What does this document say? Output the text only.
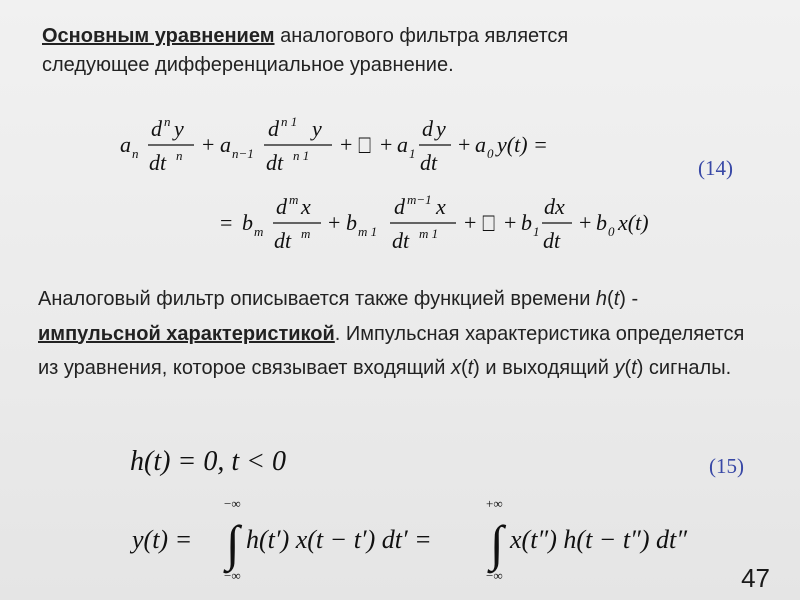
Основным уравнением аналогового фильтра является
следующее дифференциальное уравнение.
a n
d n y
dt n + a n−1
d n 1 y
dt n 1 + ⎕ + a 1
d y
dt
+ a 0 y(t) =
(14)
= b m
d m x
dt m + b m 1
d m−1 x
dt m 1 + ⎕ + b 1
dx
dt
+ b 0 x(t)
Аналоговый фильтр описывается также функцией времени h(t) -
импульсной характеристикой. Импульсная характеристика определяется из уравнения, которое связывает входящий x(t) и выходящий y(t) сигналы.
h(t) = 0, t < 0	(15)
y(t) =
−∞
∫
−∞
h(t′) x(t − t′) dt′ =
+∞
∫
−∞
x(t″) h(t − t″) dt″
47
